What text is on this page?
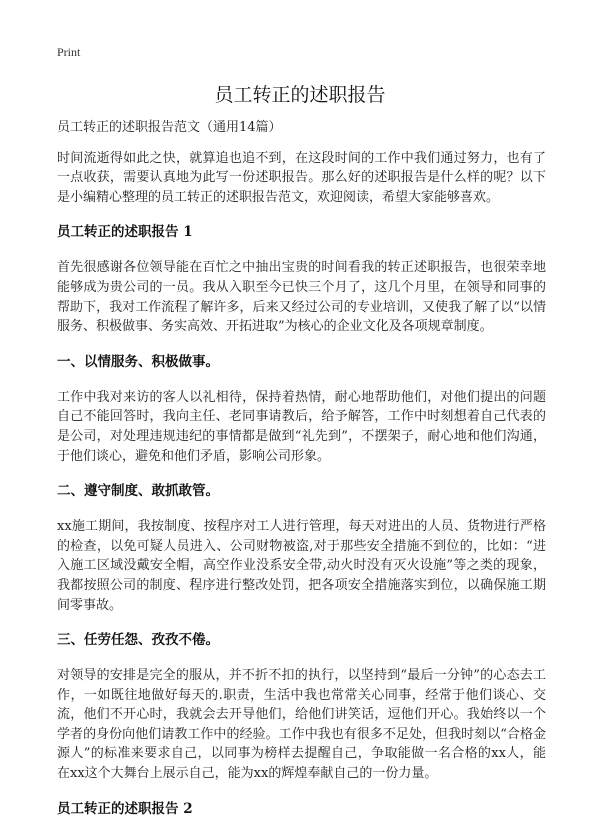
Print
员工转正的述职报告

员工转正的述职报告范文（通用14篇）

时间流逝得如此之快，就算追也追不到，在这段时间的工作中我们通过努力，也有了一点收获，需要认真地为此写一份述职报告。那么好的述职报告是什么样的呢？以下是小编精心整理的员工转正的述职报告范文，欢迎阅读，希望大家能够喜欢。

员工转正的述职报告 1

首先很感谢各位领导能在百忙之中抽出宝贵的时间看我的转正述职报告，也很荣幸地能够成为贵公司的一员。我从入职至今已快三个月了，这几个月里，在领导和同事的帮助下，我对工作流程了解许多，后来又经过公司的专业培训，又使我了解了以“以情服务、积极做事、务实高效、开拓进取”为核心的企业文化及各项规章制度。

一、以情服务、积极做事。

工作中我对来访的客人以礼相待，保持着热情，耐心地帮助他们，对他们提出的问题自己不能回答时，我向主任、老同事请教后，给予解答，工作中时刻想着自己代表的是公司，对处理违规违纪的事情都是做到“礼先到”，不摆架子，耐心地和他们沟通，于他们谈心，避免和他们矛盾，影响公司形象。

二、遵守制度、敢抓敢管。

xx施工期间，我按制度、按程序对工人进行管理，每天对进出的人员、货物进行严格的检查，以免可疑人员进入、公司财物被盗,对于那些安全措施不到位的，比如：“进入施工区域没戴安全帽，高空作业没系安全带,动火时没有灭火设施”等之类的现象，我都按照公司的制度、程序进行整改处罚，把各项安全措施落实到位，以确保施工期间零事故。

三、任劳任怨、孜孜不倦。

对领导的安排是完全的服从，并不折不扣的执行，以坚持到“最后一分钟”的心态去工作，一如既往地做好每天的.职责，生活中我也常常关心同事，经常于他们谈心、交流，他们不开心时，我就会去开导他们，给他们讲笑话，逗他们开心。我始终以一个学者的身份向他们请教工作中的经验。工作中我也有很多不足处，但我时刻以“合格金源人”的标准来要求自己，以同事为榜样去提醒自己，争取能做一名合格的xx人，能在xx这个大舞台上展示自己，能为xx的辉煌奉献自己的一份力量。

员工转正的述职报告 2
